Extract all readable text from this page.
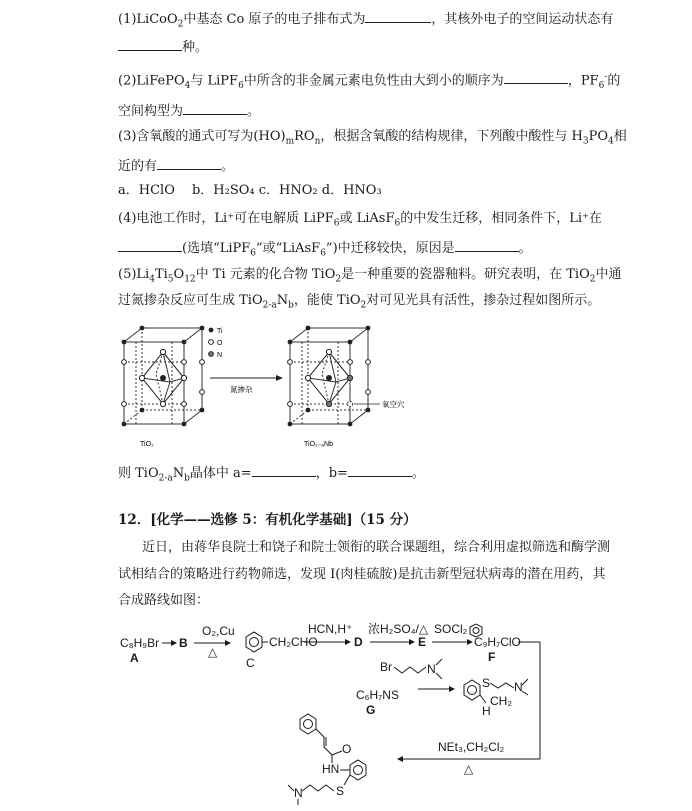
(1)LiCoO$_2$中基态 Co 原子的电子排布式为	，其核外电子的空间运动状态有
种。
(2)LiFePO$_4$与 LiPF$_6$中所含的非金属元素电负性由大到小的顺序为	，$PF_6^-$的
空间构型为	。
(3)含氧酸的通式可写为$(HO)_mRO_n$，根据含氧酸的结构规律，下列酸中酸性与 $H_3PO_4$相
近的有	。
a．HClO　 b．H₂SO₄ c．HNO₂ d．HNO₃
(4)电池工作时，Li⁺可在电解质 LiPF$_6$或 LiAsF$_6$的中发生迁移，相同条件下，Li⁺在
(选填“LiPF$_6$”或“LiAsF$_6$”)中迁移较快，原因是	。
$(5)Li_4Ti_5O_{12}$中 Ti 元素的化合物 TiO$_2$是一种重要的瓷器釉料。研究表明，在 TiO$_2$中通
过氮掺杂反应可生成 $TiO_{2-a}N_b$，能使 TiO$_2$对可见光具有活性，掺杂过程如图所示。
Ti
O
N
氮掺杂
氧空穴
TiO₂	TiO₂₋ₐNb
则 $TiO_{2-a}N_b$晶体中 a=	，b=	。
12．[化学——选修 5：有机化学基础]（15 分）
近日，由蒋华良院士和饶子和院士领衔的联合课题组，综合利用虚拟筛选和酶学测
试相结合的策略进行药物筛选，发现 I(肉桂硫胺)是抗击新型冠状病毒的潜在用药，其
合成路线如图：
C₈H₉Br
A
B
O₂,Cu
△
CH₂CHO
C
HCN,H⁺
D
浓H₂SO₄/△
E
SOCl₂
C₉H₇ClO
F
Br	N
C₆H₇NS
G
S N
H
CH₂
NEt₃,CH₂Cl₂
△
O
HN
S
N
